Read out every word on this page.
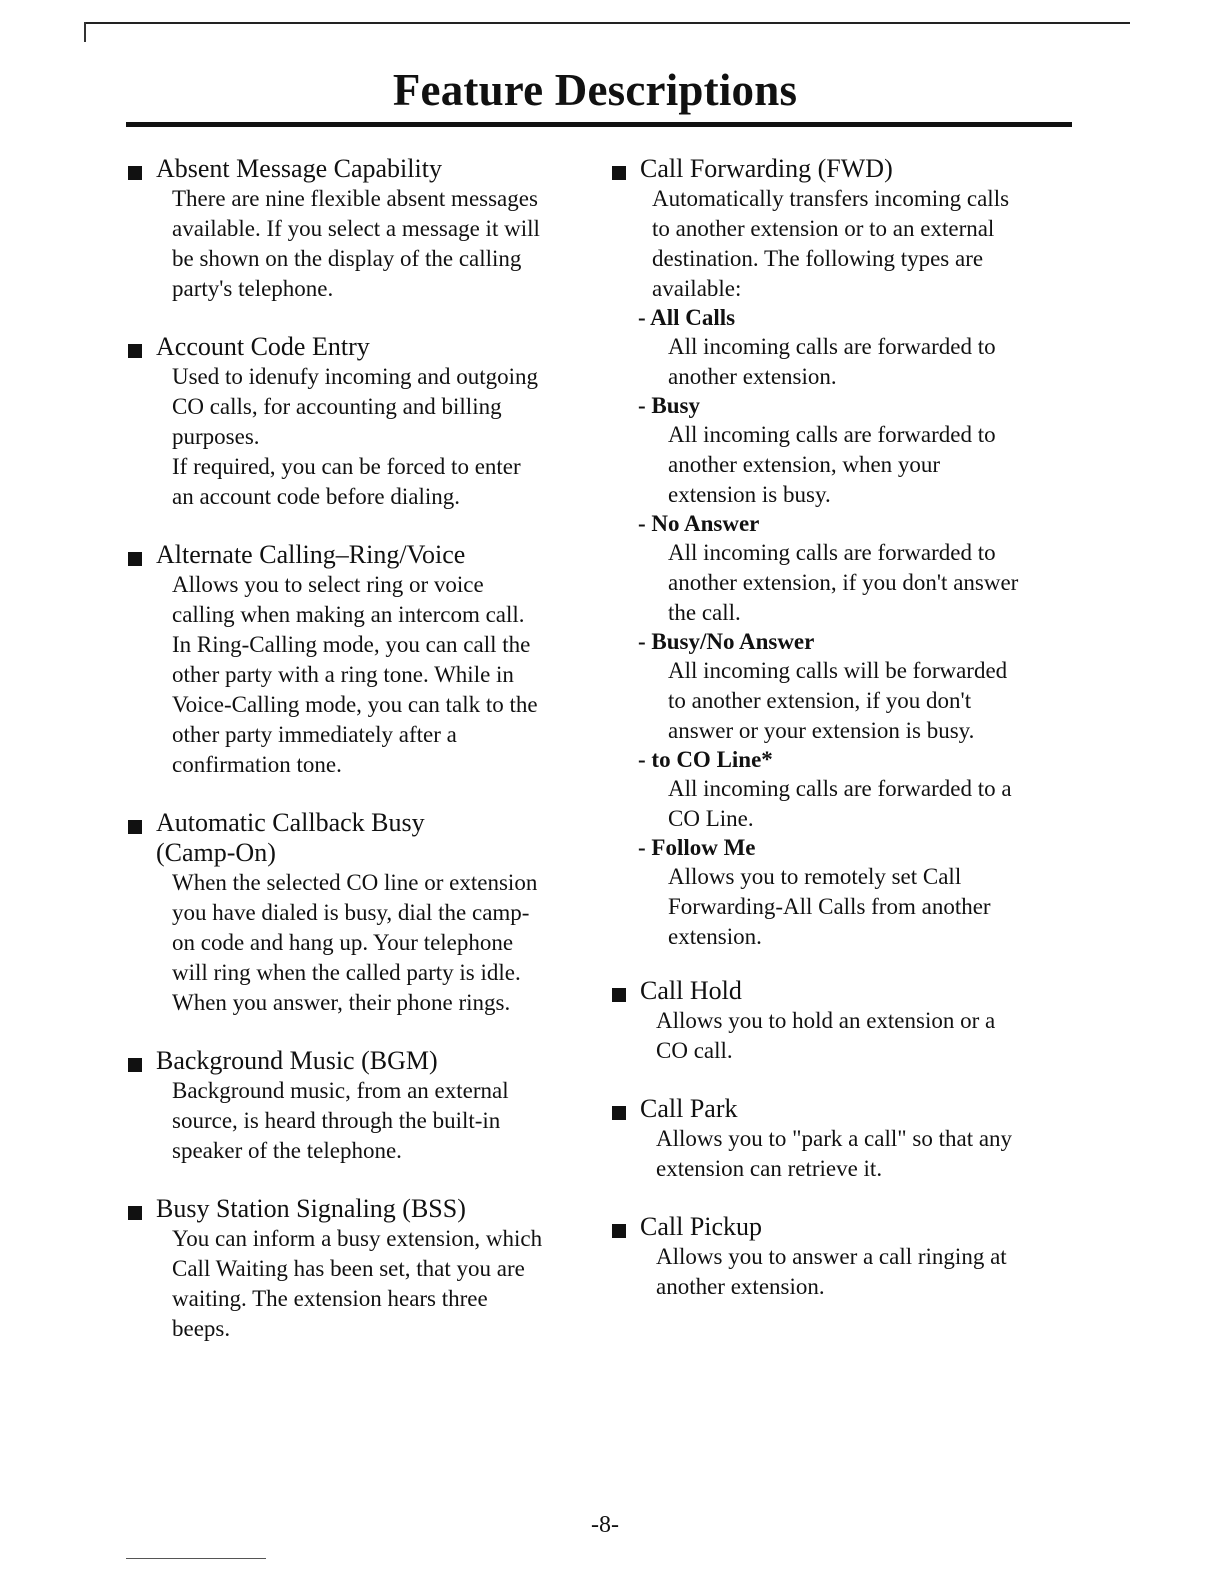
Feature Descriptions
Absent Message Capability
There are nine flexible absent messages
available. If you select a message it will
be shown on the display of the calling
party's telephone.
Account Code Entry
Used to idenufy incoming and outgoing
CO calls, for accounting and billing
purposes.
If required, you can be forced to enter
an account code before dialing.
Alternate Calling–Ring/Voice
Allows you to select ring or voice
calling when making an intercom call.
In Ring-Calling mode, you can call the
other party with a ring tone. While in
Voice-Calling mode, you can talk to the
other party immediately after a
confirmation tone.
Automatic Callback Busy
(Camp-On)
When the selected CO line or extension
you have dialed is busy, dial the camp-
on code and hang up. Your telephone
will ring when the called party is idle.
When you answer, their phone rings.
Background Music (BGM)
Background music, from an external
source, is heard through the built-in
speaker of the telephone.
Busy Station Signaling (BSS)
You can inform a busy extension, which
Call Waiting has been set, that you are
waiting. The extension hears three
beeps.
Call Forwarding (FWD)
Automatically transfers incoming calls
to another extension or to an external
destination. The following types are
available:
- All Calls
All incoming calls are forwarded to
another extension.
- Busy
All incoming calls are forwarded to
another extension, when your
extension is busy.
- No Answer
All incoming calls are forwarded to
another extension, if you don't answer
the call.
- Busy/No Answer
All incoming calls will be forwarded
to another extension, if you don't
answer or your extension is busy.
- to CO Line*
All incoming calls are forwarded to a
CO Line.
- Follow Me
Allows you to remotely set Call
Forwarding-All Calls from another
extension.
Call Hold
Allows you to hold an extension or a
CO call.
Call Park
Allows you to "park a call" so that any
extension can retrieve it.
Call Pickup
Allows you to answer a call ringing at
another extension.
-8-
